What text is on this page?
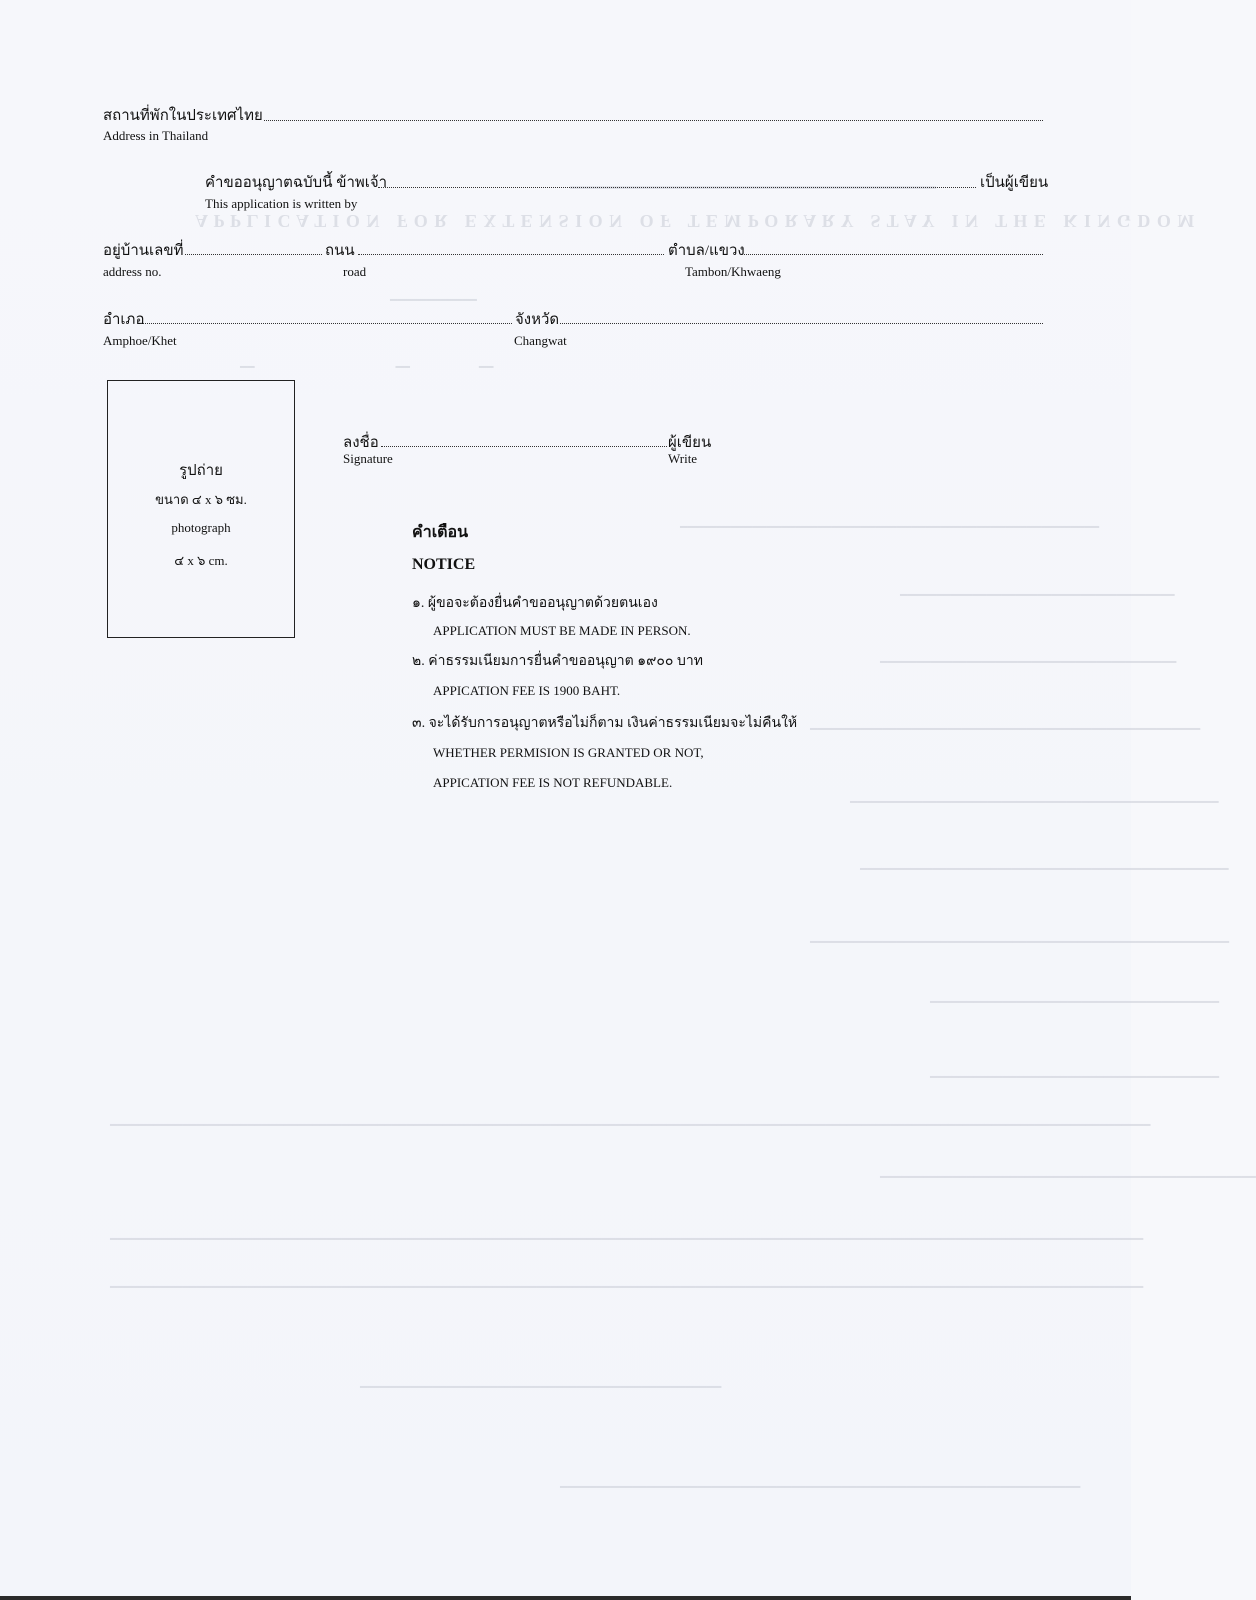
A P P L I C A T I O N   F O R   E X T E N S I O N   O F   T E M P O R A R Y   S T A Y   I N   T H E   K I N G D O M
━━━━━━━━━━━━━━━━━━━━━━━━━━━━━━━━━━━━━━
━━━━━━━━━━━━
━━                                               ━━                       ━━
━━━━━━━━━━━━━━━━━━━━━━━━━━━━━━━━━━━━━━━━━━━━━━━━━━━━━━━━━━
━━━━━━━━━━━━━━━━━━━━━━━━━━━━━━━━━━━━━━
━━━━━━━━━━━━━━━━━━━━━━━━━━━━━━━━━━━━━━━━━
━━━━━━━━━━━━━━━━━━━━━━━━━━━━━━━━━━━━━━━━━━━━━━━━━━━━━━
━━━━━━━━━━━━━━━━━━━━━━━━━━━━━━━━━━━━━━━━━━━━━━━━━━━
━━━━━━━━━━━━━━━━━━━━━━━━━━━━━━━━━━━━━━━━━━━━━━━━━━━
━━━━━━━━━━━━━━━━━━━━━━━━━━━━━━━━━━━━━━━━━━━━━━━━━━━━━━━━━━
━━━━━━━━━━━━━━━━━━━━━━━━━━━━━━━━━━━━━━━━
━━━━━━━━━━━━━━━━━━━━━━━━━━━━━━━━━━━━━━━━
━━━━━━━━━━━━━━━━━━━━━━━━━━━━━━━━━━━━━━━━━━━━━━━━━━━━━━━━━━━━━━━━━━━━━━━━━━━━━━━━━━━━━━━━━━━━━━━━━━━━━━━━━━━━━━━━━━━━━━━━━━━━━━━━━━━━━━━━━━━━━━━━
━━━━━━━━━━━━━━━━━━━━━━━━━━━━━━━━━━━━━━━━━━━━━━━━━━━━
━━━━━━━━━━━━━━━━━━━━━━━━━━━━━━━━━━━━━━━━━━━━━━━━━━━━━━━━━━━━━━━━━━━━━━━━━━━━━━━━━━━━━━━━━━━━━━━━━━━━━━━━━━━━━━━━━━━━━━━━━━━━━━━━━━━━━━━━━━━━━━━
━━━━━━━━━━━━━━━━━━━━━━━━━━━━━━━━━━━━━━━━━━━━━━━━━━━━━━━━━━━━━━━━━━━━━━━━━━━━━━━━━━━━━━━━━━━━━━━━━━━━━━━━━━━━━━━━━━━━━━━━━━━━━━━━━━━━━━━━━━━━━━━
━━━━━━━━━━━━━━━━━━━━━━━━━━━━━━━━━━━━━━━━━━━━━━━━━━
━━━━━━━━━━━━━━━━━━━━━━━━━━━━━━━━━━━━━━━━━━━━━━━━━━━━━━━━━━━━━━━━━━━━━━━━
สถานที่พักในประเทศไทย
Address in Thailand
คำขออนุญาตฉบับนี้ ข้าพเจ้า	เป็นผู้เขียน
This application is written by
อยู่บ้านเลขที่	ถนน	ตำบล/แขวง
address no.	road	Tambon/Khwaeng
อำเภอ	จังหวัด
Amphoe/Khet	Changwat
รูปถ่าย
ขนาด ๔ x ๖ ซม.
photograph
๔ x ๖ cm.
ลงชื่อ	ผู้เขียน
Signature	Write
คำเตือน
NOTICE
๑. ผู้ขอจะต้องยื่นคำขออนุญาตด้วยตนเอง
APPLICATION MUST BE MADE IN PERSON.
๒. ค่าธรรมเนียมการยื่นคำขออนุญาต ๑๙๐๐ บาท
APPICATION FEE IS 1900 BAHT.
๓. จะได้รับการอนุญาตหรือไม่ก็ตาม เงินค่าธรรมเนียมจะไม่คืนให้
WHETHER PERMISION IS GRANTED OR NOT,
APPICATION FEE IS NOT REFUNDABLE.
